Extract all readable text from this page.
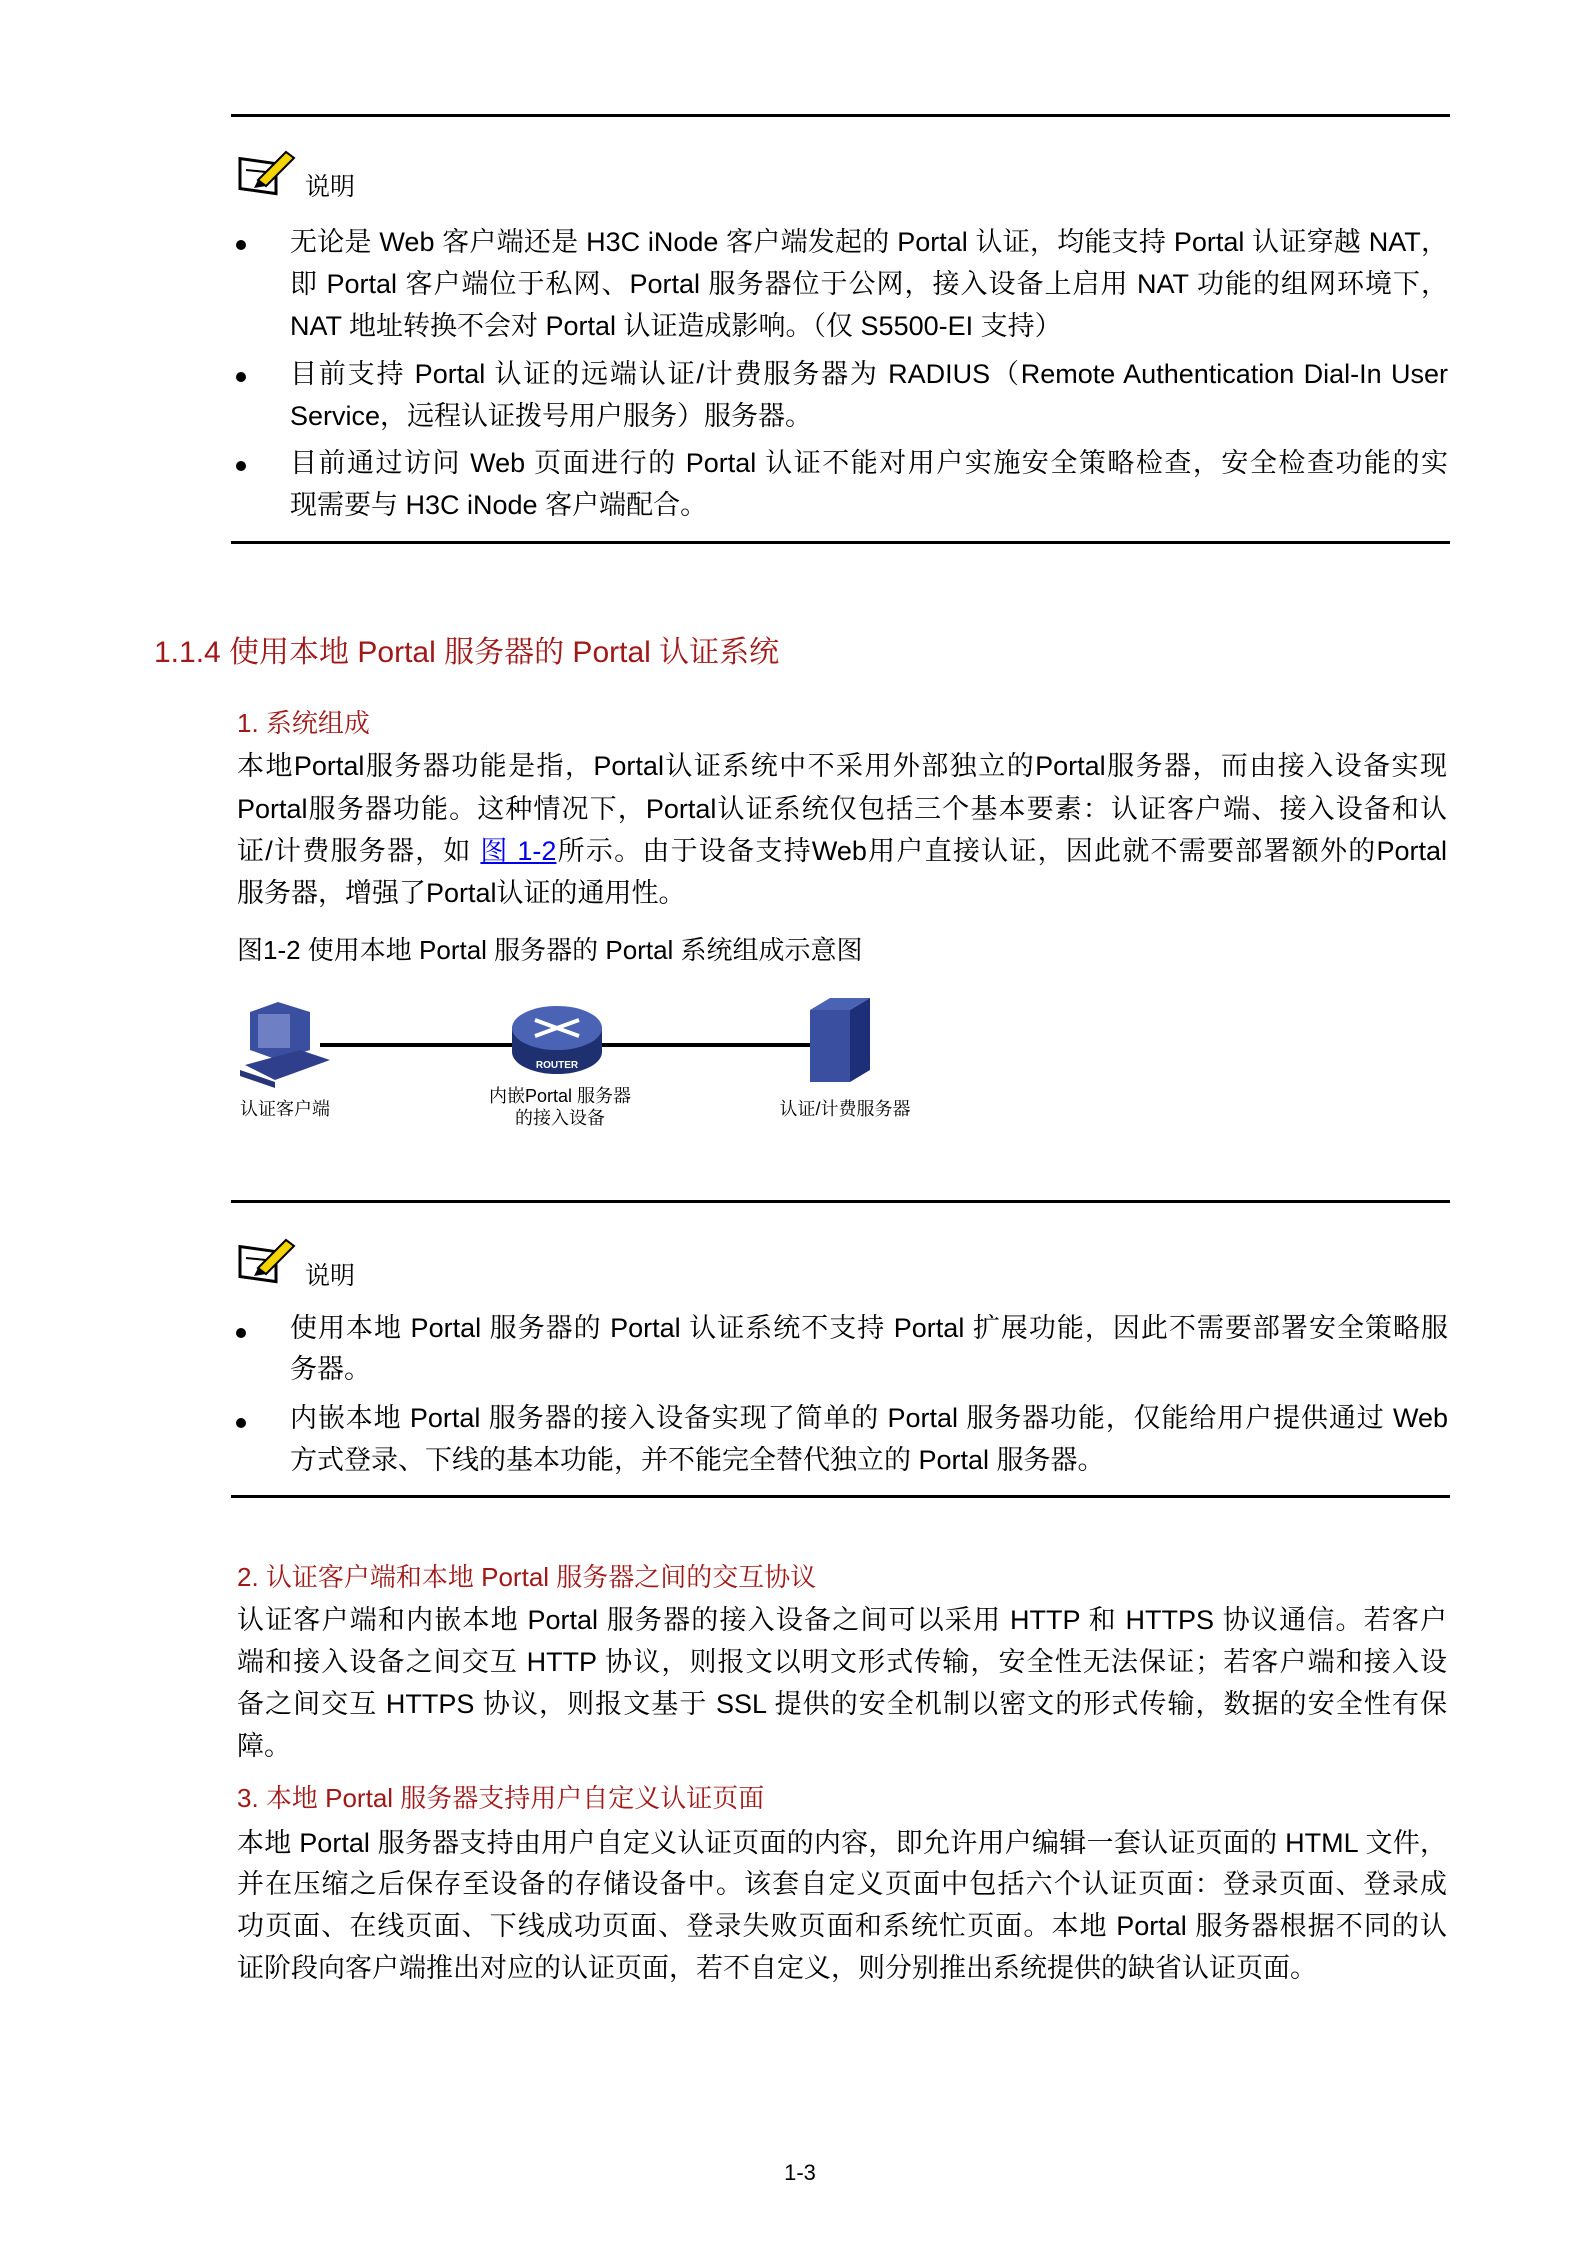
说明
无论是 Web 客户端还是 H3C iNode 客户端发起的 Portal 认证，均能支持 Portal 认证穿越 NAT，
即 Portal 客户端位于私网、Portal 服务器位于公网，接入设备上启用 NAT 功能的组网环境下，
NAT 地址转换不会对 Portal 认证造成影响。（仅 S5500-EI 支持）
目前支持 Portal 认证的远端认证/计费服务器为 RADIUS（Remote Authentication Dial-In User
Service，远程认证拨号用户服务）服务器。
目前通过访问 Web 页面进行的 Portal 认证不能对用户实施安全策略检查，安全检查功能的实
现需要与 H3C iNode 客户端配合。
1.1.4 使用本地 Portal 服务器的 Portal 认证系统
1. 系统组成
本地Portal服务器功能是指，Portal认证系统中不采用外部独立的Portal服务器，而由接入设备实现
Portal服务器功能。这种情况下，Portal认证系统仅包括三个基本要素：认证客户端、接入设备和认
证/计费服务器，如 图 1-2所示。由于设备支持Web用户直接认证，因此就不需要部署额外的Portal
服务器，增强了Portal认证的通用性。
图1-2 使用本地 Portal 服务器的 Portal 系统组成示意图
ROUTER
认证客户端
内嵌Portal 服务器
的接入设备	认证/计费服务器
说明
使用本地 Portal 服务器的 Portal 认证系统不支持 Portal 扩展功能，因此不需要部署安全策略服
务器。
内嵌本地 Portal 服务器的接入设备实现了简单的 Portal 服务器功能，仅能给用户提供通过 Web
方式登录、下线的基本功能，并不能完全替代独立的 Portal 服务器。
2. 认证客户端和本地 Portal 服务器之间的交互协议
认证客户端和内嵌本地 Portal 服务器的接入设备之间可以采用 HTTP 和 HTTPS 协议通信。若客户
端和接入设备之间交互 HTTP 协议，则报文以明文形式传输，安全性无法保证；若客户端和接入设
备之间交互 HTTPS 协议，则报文基于 SSL 提供的安全机制以密文的形式传输，数据的安全性有保
障。
3. 本地 Portal 服务器支持用户自定义认证页面
本地 Portal 服务器支持由用户自定义认证页面的内容，即允许用户编辑一套认证页面的 HTML 文件，
并在压缩之后保存至设备的存储设备中。该套自定义页面中包括六个认证页面：登录页面、登录成
功页面、在线页面、下线成功页面、登录失败页面和系统忙页面。本地 Portal 服务器根据不同的认
证阶段向客户端推出对应的认证页面，若不自定义，则分别推出系统提供的缺省认证页面。
1-3
